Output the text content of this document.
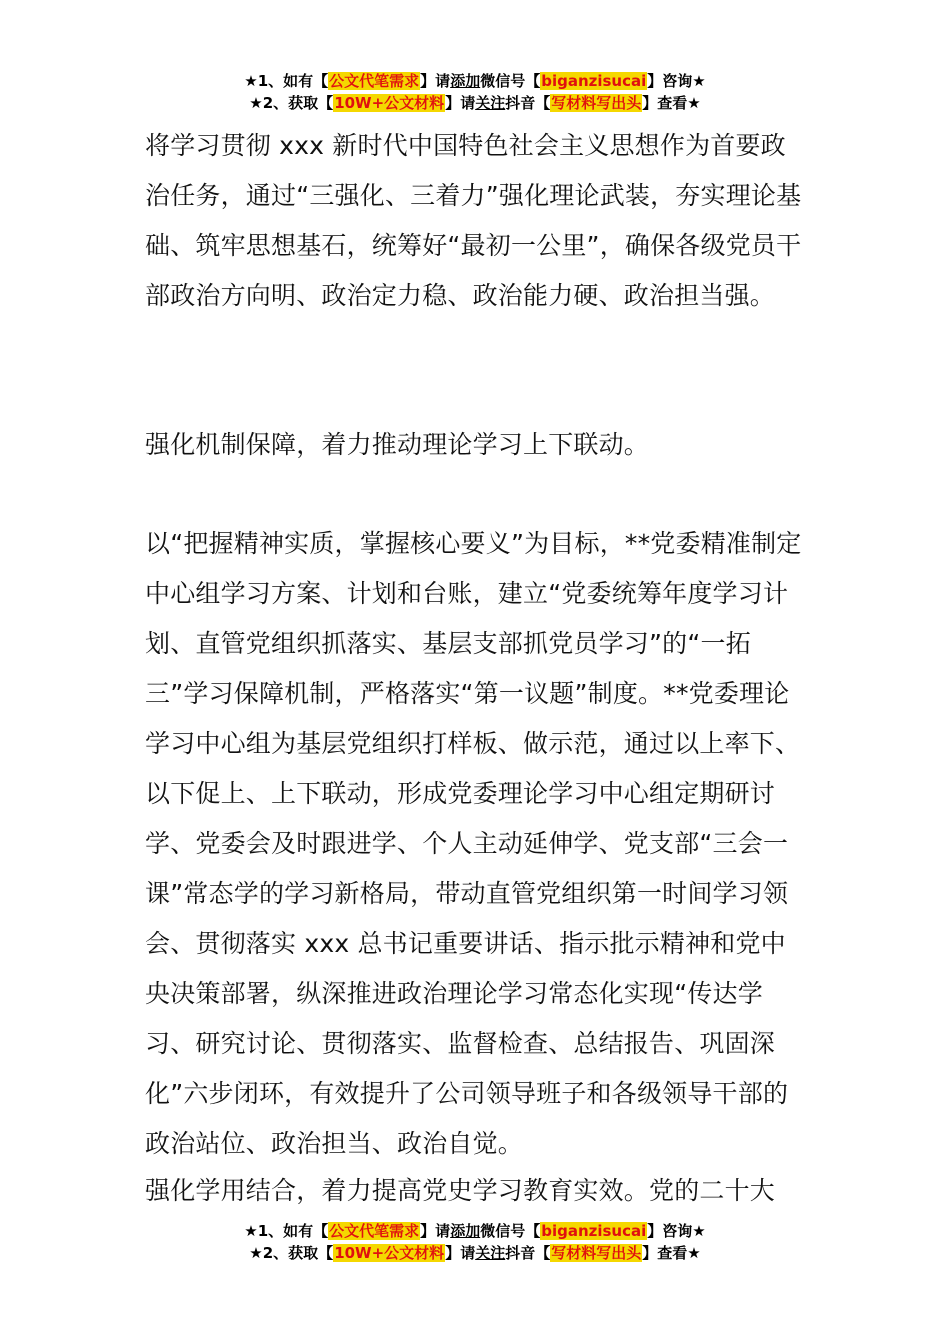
★1、如有【公文代笔需求】请添加微信号【biganzisucai】咨询★
★2、获取【10W+公文材料】请关注抖音【写材料写出头】查看★

将学习贯彻 xxx 新时代中国特色社会主义思想作为首要政治任务，通过“三强化、三着力”强化理论武装，夯实理论基础、筑牢思想基石，统筹好“最初一公里”，确保各级党员干部政治方向明、政治定力稳、政治能力硬、政治担当强。

强化机制保障，着力推动理论学习上下联动。

以“把握精神实质，掌握核心要义”为目标，**党委精准制定中心组学习方案、计划和台账，建立“党委统筹年度学习计划、直管党组织抓落实、基层支部抓党员学习”的“一拓三”学习保障机制，严格落实“第一议题”制度。**党委理论学习中心组为基层党组织打样板、做示范，通过以上率下、以下促上、上下联动，形成党委理论学习中心组定期研讨学、党委会及时跟进学、个人主动延伸学、党支部“三会一课”常态学的学习新格局，带动直管党组织第一时间学习领会、贯彻落实 xxx 总书记重要讲话、指示批示精神和党中央决策部署，纵深推进政治理论学习常态化实现“传达学习、研究讨论、贯彻落实、监督检查、总结报告、巩固深化”六步闭环，有效提升了公司领导班子和各级领导干部的政治站位、政治担当、政治自觉。

强化学用结合，着力提高党史学习教育实效。党的二十大

★1、如有【公文代笔需求】请添加微信号【biganzisucai】咨询★
★2、获取【10W+公文材料】请关注抖音【写材料写出头】查看★
